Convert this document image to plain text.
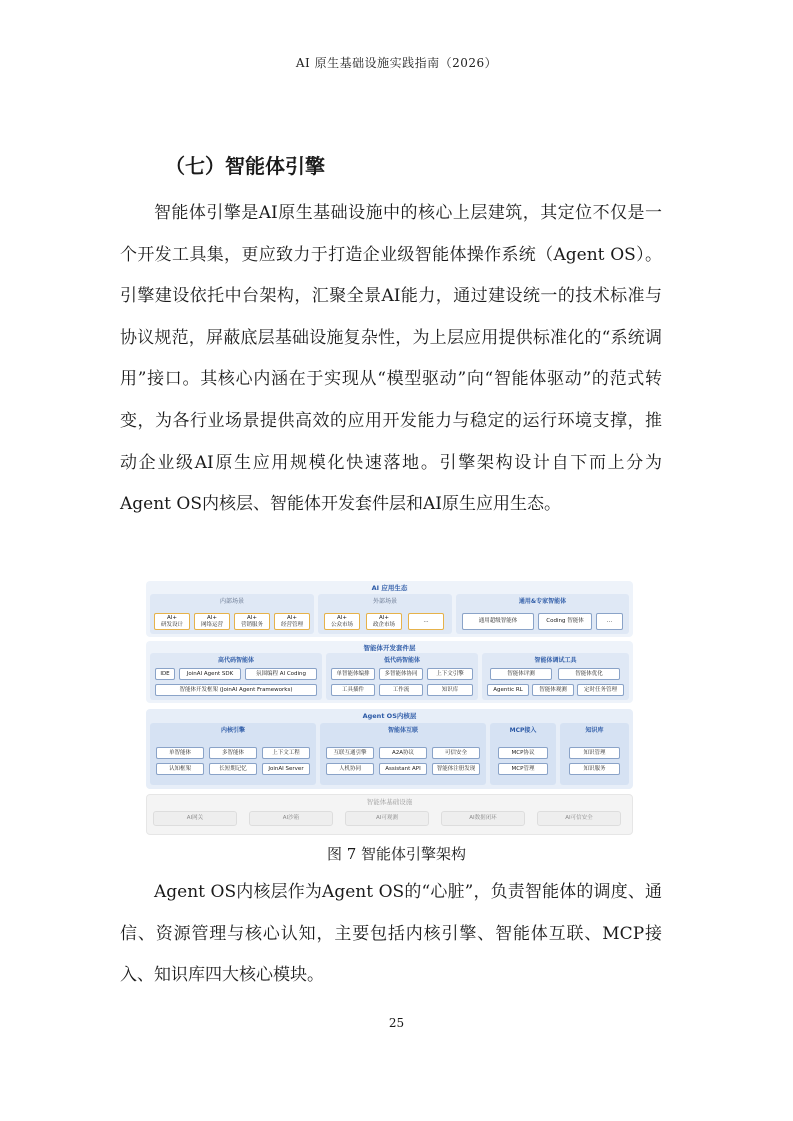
AI 原生基础设施实践指南（2026）
（七）智能体引擎

智能体引擎是AI原生基础设施中的核心上层建筑，其定位不仅是一个开发工具集，更应致力于打造企业级智能体操作系统（Agent OS）。引擎建设依托中台架构，汇聚全景AI能力，通过建设统一的技术标准与协议规范，屏蔽底层基础设施复杂性，为上层应用提供标准化的“系统调用”接口。其核心内涵在于实现从“模型驱动”向“智能体驱动”的范式转变，为各行业场景提供高效的应用开发能力与稳定的运行环境支撑，推动企业级AI原生应用规模化快速落地。引擎架构设计自下而上分为Agent OS内核层、智能体开发套件层和AI原生应用生态。

AI 应用生态
内部场景
AI+
研发设计
AI+
网络运营
AI+
营销服务
AI+
经营管理
外部场景
AI+
公众市场
AI+
政企市场
...
通用&专家智能体
通用超级智能体	Coding 智能体	...
智能体开发套件层
高代码智能体
IDE	JoinAI Agent SDK	氛围编程 AI Coding
智能体开发框架 (JoinAI Agent Frameworks)
低代码智能体
单智能体编排	多智能体协同	上下文引擎
工具插件	工作流	知识库
智能体调试工具
智能体评测	智能体优化
Agentic RL	智能体观测	定时任务管理
Agent OS内核层
内核引擎
单智能体	多智能体	上下文工程
认知框架	长短期记忆	JoinAI Server
智能体互联
互联互通引擎	A2A协议	可信安全
人机协同	Assistant API	智能体注册发现
MCP接入
MCP协议
MCP管理
知识库
知识管理
知识服务
智能体基础设施
AI网关	AI沙箱	AI可观测	AI数据闭环	AI可信安全
图 7 智能体引擎架构

Agent OS内核层作为Agent OS的“心脏”，负责智能体的调度、通信、资源管理与核心认知，主要包括内核引擎、智能体互联、MCP接入、知识库四大核心模块。

25
